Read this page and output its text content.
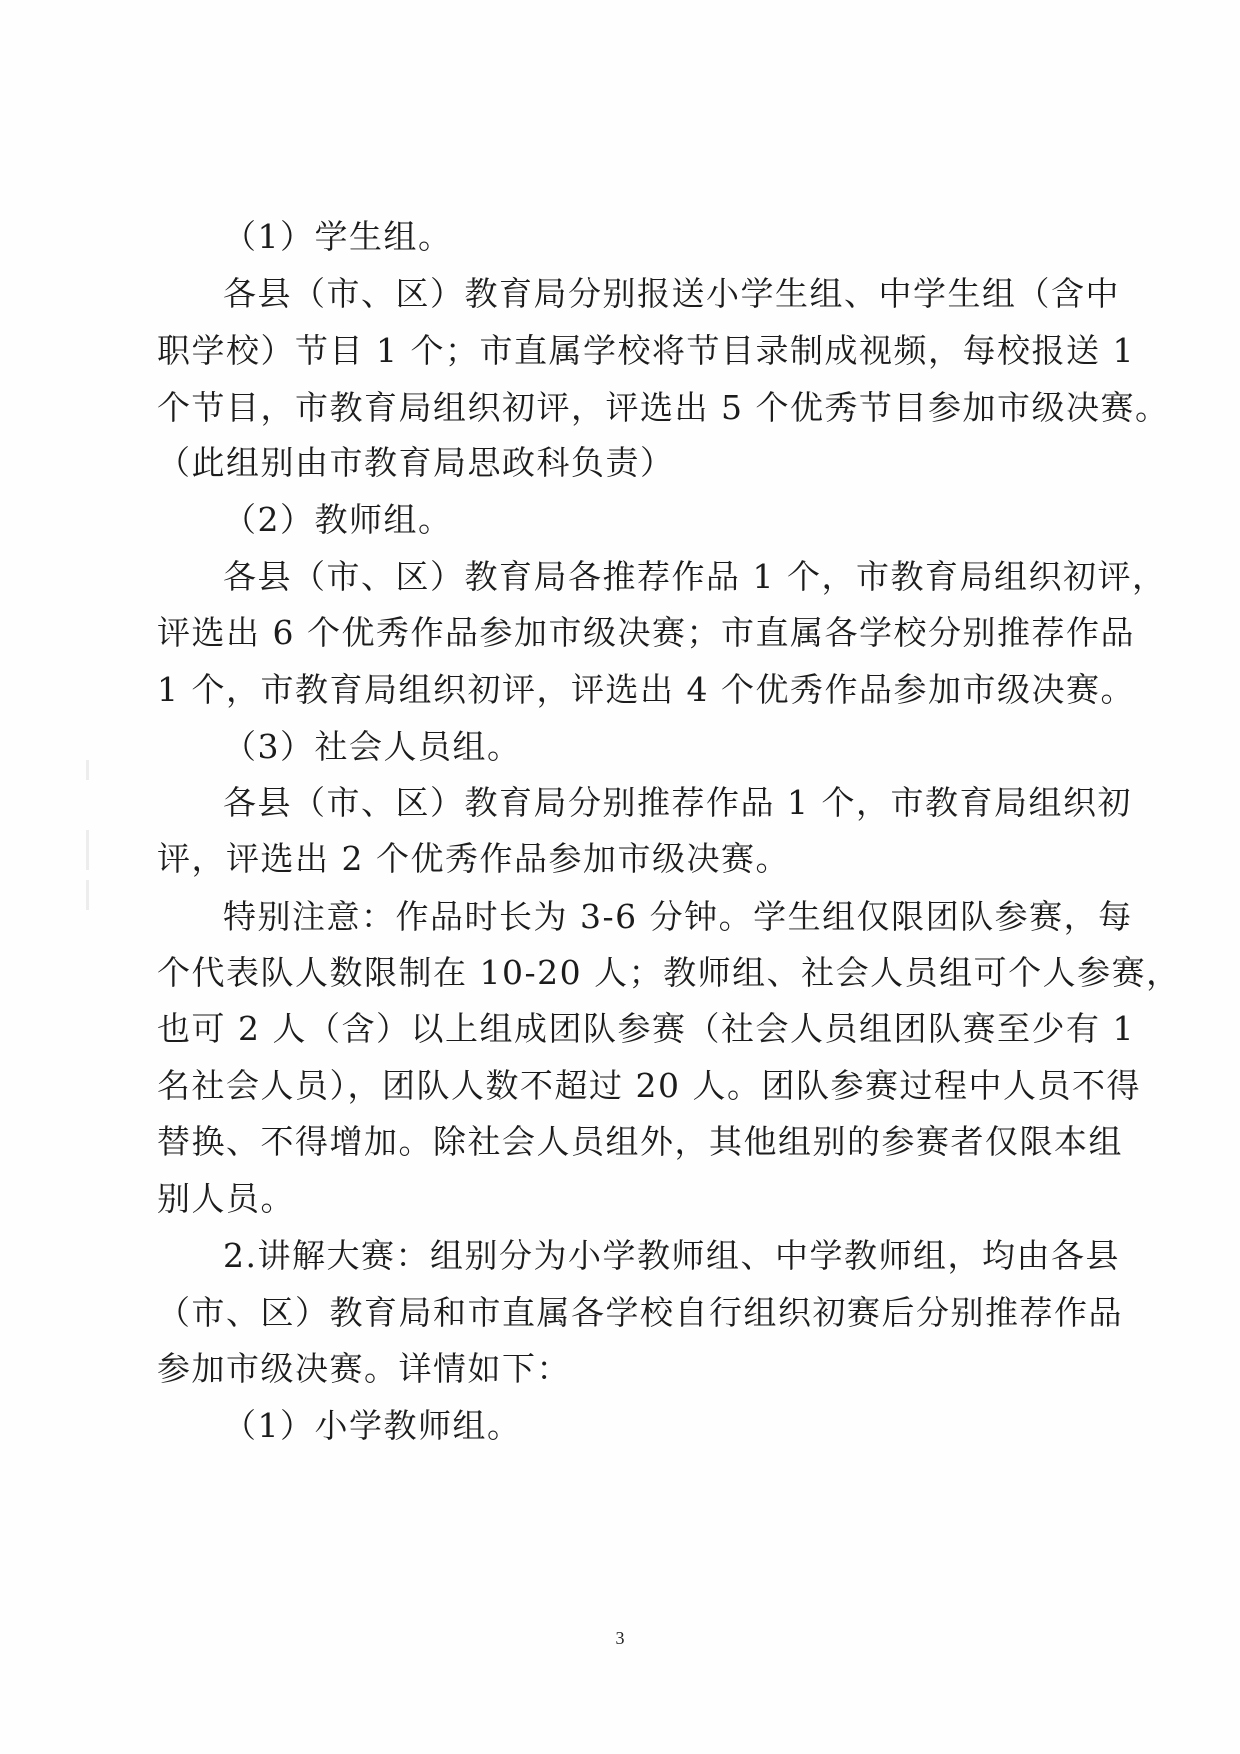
（1）学生组。
各县（市、区）教育局分别报送小学生组、中学生组（含中
职学校）节目 1 个；市直属学校将节目录制成视频，每校报送 1
个节目，市教育局组织初评，评选出 5 个优秀节目参加市级决赛。
（此组别由市教育局思政科负责）
（2）教师组。
各县（市、区）教育局各推荐作品 1 个，市教育局组织初评，
评选出 6 个优秀作品参加市级决赛；市直属各学校分别推荐作品
1 个，市教育局组织初评，评选出 4 个优秀作品参加市级决赛。
（3）社会人员组。
各县（市、区）教育局分别推荐作品 1 个，市教育局组织初
评，评选出 2 个优秀作品参加市级决赛。
特别注意：作品时长为 3-6 分钟。学生组仅限团队参赛，每
个代表队人数限制在 10-20 人；教师组、社会人员组可个人参赛，
也可 2 人（含）以上组成团队参赛（社会人员组团队赛至少有 1
名社会人员），团队人数不超过 20 人。团队参赛过程中人员不得
替换、不得增加。除社会人员组外，其他组别的参赛者仅限本组
别人员。
2.讲解大赛：组别分为小学教师组、中学教师组，均由各县
（市、区）教育局和市直属各学校自行组织初赛后分别推荐作品
参加市级决赛。详情如下：
（1）小学教师组。
3
